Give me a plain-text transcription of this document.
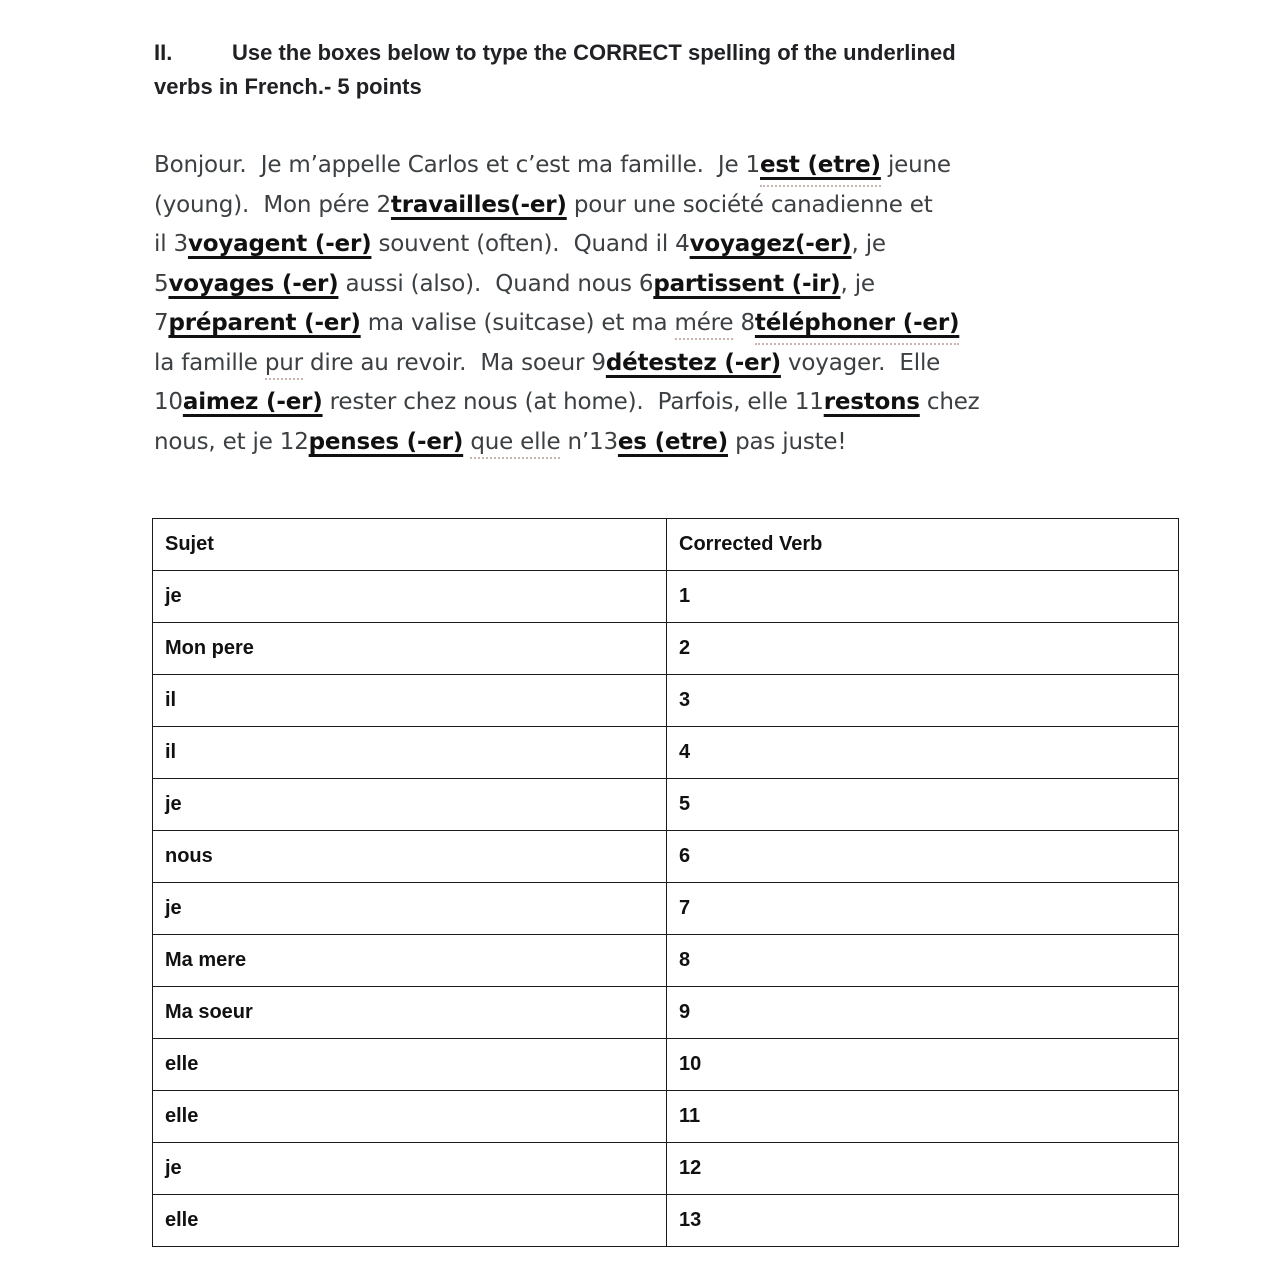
II.	Use the boxes below to type the CORRECT spelling of the underlined
verbs in French.- 5 points
Bonjour.  Je m’appelle Carlos et c’est ma famille.  Je 1est (etre) jeune
(young).  Mon pére 2travailles(-er) pour une société canadienne et
il 3voyagent (-er) souvent (often).  Quand il 4voyagez(-er), je
5voyages (-er) aussi (also).  Quand nous 6partissent (-ir), je
7préparent (-er) ma valise (suitcase) et ma mére 8téléphoner (-er)
la famille pur dire au revoir.  Ma soeur 9détestez (-er) voyager.  Elle
10aimez (-er) rester chez nous (at home).  Parfois, elle 11restons chez
nous, et je 12penses (-er) que elle n’13es (etre) pas juste!
Sujet	Corrected Verb
je	1
Mon pere	2
il	3
il	4
je	5
nous	6
je	7
Ma mere	8
Ma soeur	9
elle	10
elle	11
je	12
elle	13
